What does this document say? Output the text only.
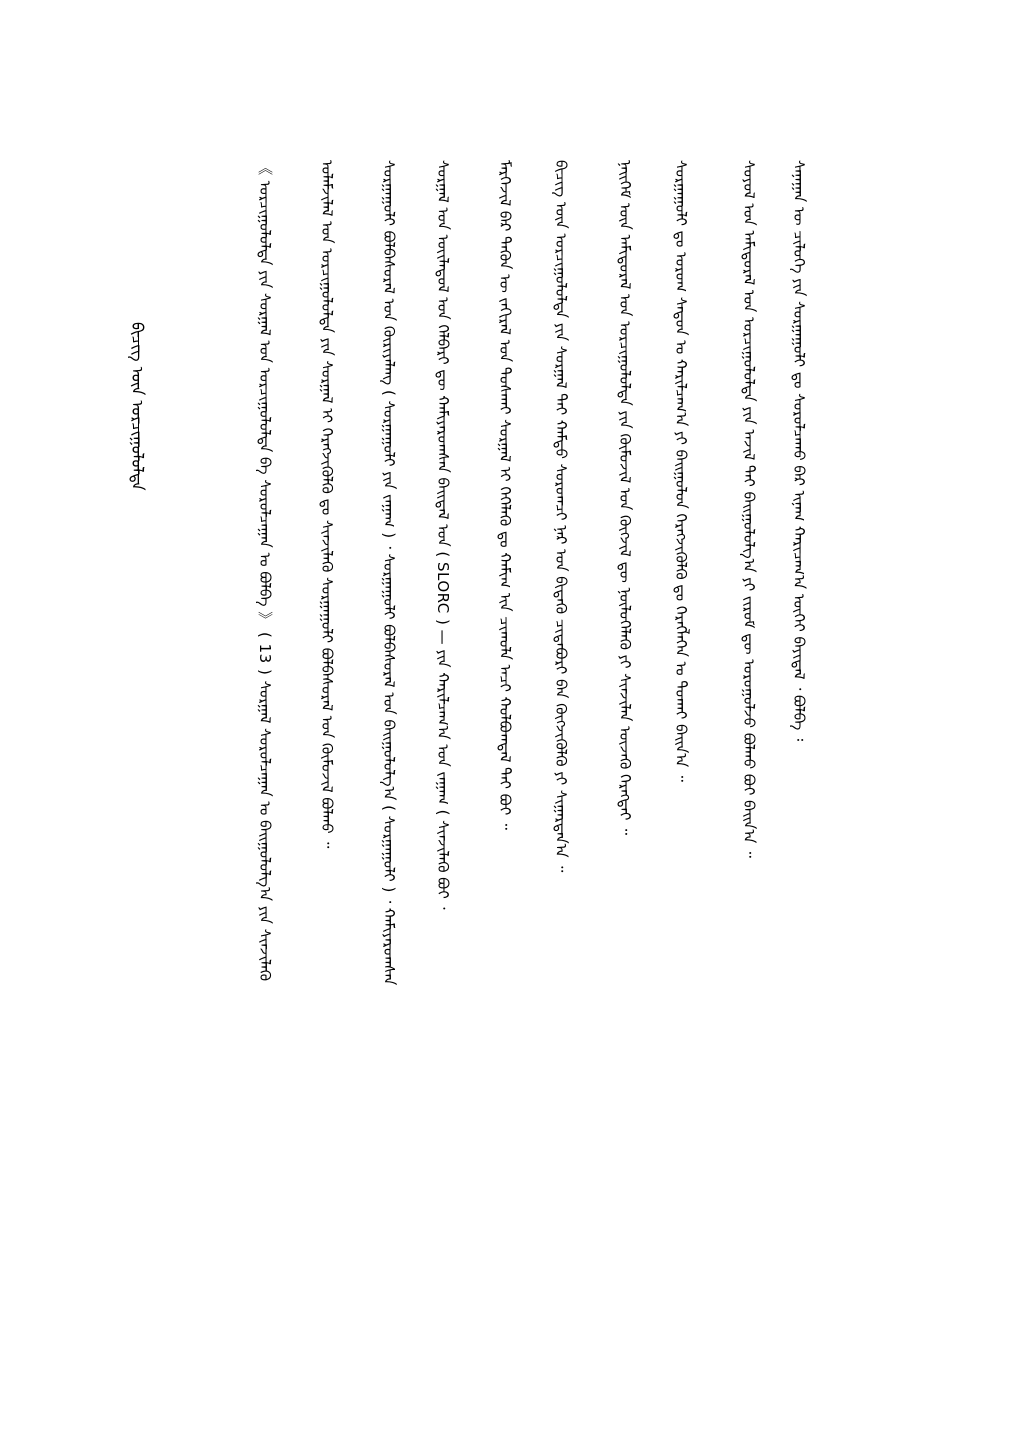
ᠪᠢᠴᠢᠭ᠌ ᠦᠨ ᠣᠷᠴᠢᠭᠤᠯᠤᠯᠲᠠ	ᠰᠠᠨᠠᠭᠠᠨ ᠦ ᠴᠢᠯᠦᠭᠡ ᠶᠢᠨ ᠰᠤᠷᠭᠠᠭᠤᠯᠢ ᠳᠤ ᠰᠤᠷᠤᠯᠴᠠᠬᠤ ᠪᠠᠷ ᠢᠨᠠᠭ ᠬᠠᠷᠢᠴᠠᠭ᠎ᠠ ᠦᠭᠡᠢ ᠪᠠᠶᠢᠳᠠᠯ ᠂ ᠪᠣᠯᠪᠠ ᠄
ᠰᠣᠶᠣᠯ ᠤᠨ ᠠᠮᠢᠳᠤᠷᠠᠯ ᠤᠨ ᠣᠷᠴᠢᠭᠤᠯᠤᠯᠲᠠ ᠶᠢᠨ ᠠᠵᠢᠯ ᠲᠠᠢ ᠪᠠᠢᠭᠤᠯᠤᠯᠭ᠎ᠠ ᠶᠢ ᠵᠢᠷᠤᠮ ᠳᠦ ᠣᠷᠣᠭᠤᠯᠵᠤ ᠪᠣᠯᠬᠤ ᠪᠤᠢ ᠪᠠᠢᠨ᠎ᠠ ᠃
ᠰᠤᠷᠭᠠᠭᠤᠯᠢ ᠳᠤ ᠤᠷᠤᠭ ᠰᠠᠳᠤᠨ ᠤ ᠬᠠᠷᠢᠯᠴᠠᠭ᠎ᠠ ᠶᠢ ᠪᠠᠢᠭᠤᠯᠤᠨ ᠬᠡᠷᠡᠭᠵᠢᠭᠦᠯᠬᠦ ᠳᠤ ᠬᠡᠷᠡᠭᠯᠡᠭᠡᠨ ᠤ ᠲᠤᠬᠠᠢ ᠪᠠᠢᠨ᠎ᠠ ᠃
ᠨᠡᠢᠭᠡᠮ ᠦᠨ ᠠᠮᠢᠳᠤᠷᠠᠯ ᠤᠨ ᠣᠷᠴᠢᠭᠤᠯᠤᠯᠲᠠ ᠶᠢᠨ ᠬᠦᠮᠦᠵᠢᠯ ᠤᠨ ᠬᠥᠭᠵᠢᠯ ᠳᠦ ᠨᠥᠯᠦᠭᠡᠯᠡᠬᠦ ᠶᠢ ᠰᠢᠨᠵᠢᠯᠡᠨ ᠦᠵᠡᠬᠦ ᠬᠡᠷᠡᠭᠲᠡᠢ ᠃
ᠪᠢᠴᠢᠭ᠌ ᠦᠨ ᠣᠷᠴᠢᠭᠤᠯᠤᠯᠲᠠ ᠶᠢᠨ ᠰᠤᠷᠭᠠᠯ ᠲᠠᠢ ᠬᠠᠮᠲᠤ ᠰᠤᠷᠤᠭᠴᠢ ᠨᠠᠷ ᠤᠨ ᠪᠢᠳᠡᠬᠦ ᠴᠢᠳᠠᠪᠤᠷᠢ ᠪᠠᠨ ᠬᠥᠭᠵᠢᠭᠦᠯᠬᠦ ᠶᠢ ᠰᠢᠭᠠᠷᠳᠠᠨ᠎ᠠ ᠃
ᠮᠡᠷᠭᠡᠵᠢᠯ ᠪᠠᠷ ᠲᠡᠭᠦᠨ ᠦ ᠵᠠᠬᠢᠷᠠᠯ ᠤᠨ ᠲᠤᠰᠬᠠᠢ ᠰᠤᠷᠭᠠᠯ ᠢ ᠬᠡᠭᠡᠯᠡᠬᠦ ᠳᠤ ᠬᠠᠮᠢᠭ ᠢᠨ ᠴᠢᠬᠤᠯᠠ ᠠᠴᠢ ᠬᠣᠯᠪᠣᠭᠳᠠᠯ ᠲᠠᠢ ᠪᠤᠢ ᠃
ᠰᠤᠷᠭᠠᠯ ᠤᠨ ᠦᠢᠯᠡᠳᠦᠯ ᠤᠨ ᠬᠡᠯᠪᠡᠷᠢ ᠳᠦ ᠬᠠᠮᠢᠶᠠᠷᠤᠭᠰᠠᠨ ᠪᠠᠢᠳᠠᠯ ᠤᠨ ( SLORC ) — ᠶᠢᠨ ᠬᠠᠷᠢᠯᠴᠠᠭ᠎ᠠ ᠤᠨ ᠵᠠᠭᠠᠭ ( ᠰᠢᠨᠵᠢᠯᠡᠬᠦ ᠪᠤᠢ ᠂
ᠰᠤᠷᠭᠠᠭᠤᠯᠢ ᠪᠣᠯᠪᠠᠰᠤᠷᠠᠯ ᠤᠨ ᠬᠦᠷᠢᠶᠡᠯᠡᠩ ( ᠰᠤᠷᠭᠠᠭᠤᠯᠢ ᠶᠢᠨ ᠵᠠᠭᠠᠭ ) ᠂ ᠰᠤᠷᠭᠠᠭᠤᠯᠢ ᠪᠣᠯᠪᠠᠰᠤᠷᠠᠯ ᠤᠨ ᠪᠠᠢᠭᠤᠯᠤᠯᠭ᠎ᠠ ( ᠰᠤᠷᠭᠠᠭᠤᠯᠢ ) ᠂ ᠬᠠᠮᠢᠶᠠᠷᠤᠭᠰᠠᠨ
ᠤᠯᠠᠮᠵᠢᠯᠠᠯ ᠤᠨ ᠣᠷᠴᠢᠭᠤᠯᠤᠯᠲᠠ ᠶᠢᠨ ᠰᠤᠷᠭᠠᠯ ᠢ ᠬᠡᠷᠡᠭᠵᠢᠭᠦᠯᠬᠦ ᠳᠤ ᠰᠢᠨᠵᠢᠯᠡᠬᠦ ᠰᠤᠷᠭᠠᠭᠤᠯᠢ ᠪᠣᠯᠪᠠᠰᠤᠷᠠᠯ ᠤᠨ ᠬᠦᠮᠦᠵᠢᠯ ᠪᠣᠯᠬᠤ ᠃
《 ᠣᠷᠴᠢᠭᠤᠯᠤᠯᠲᠠ ᠶᠢᠨ ᠰᠤᠷᠭᠠᠯ ᠤᠨ ᠣᠷᠴᠢᠭᠤᠯᠤᠯᠲᠠ ᠪᠠ ᠰᠤᠷᠤᠯᠴᠠᠭᠠᠨ ᠤ ᠪᠣᠯᠪᠠ 》 ( 13 ) ᠰᠤᠷᠭᠠᠯ ᠰᠤᠷᠤᠯᠴᠠᠭᠠᠨ ᠤ ᠪᠠᠢᠭᠤᠯᠤᠯᠭ᠎ᠠ ᠶᠢᠨ ᠰᠢᠨᠵᠢᠯᠡᠬᠦ
